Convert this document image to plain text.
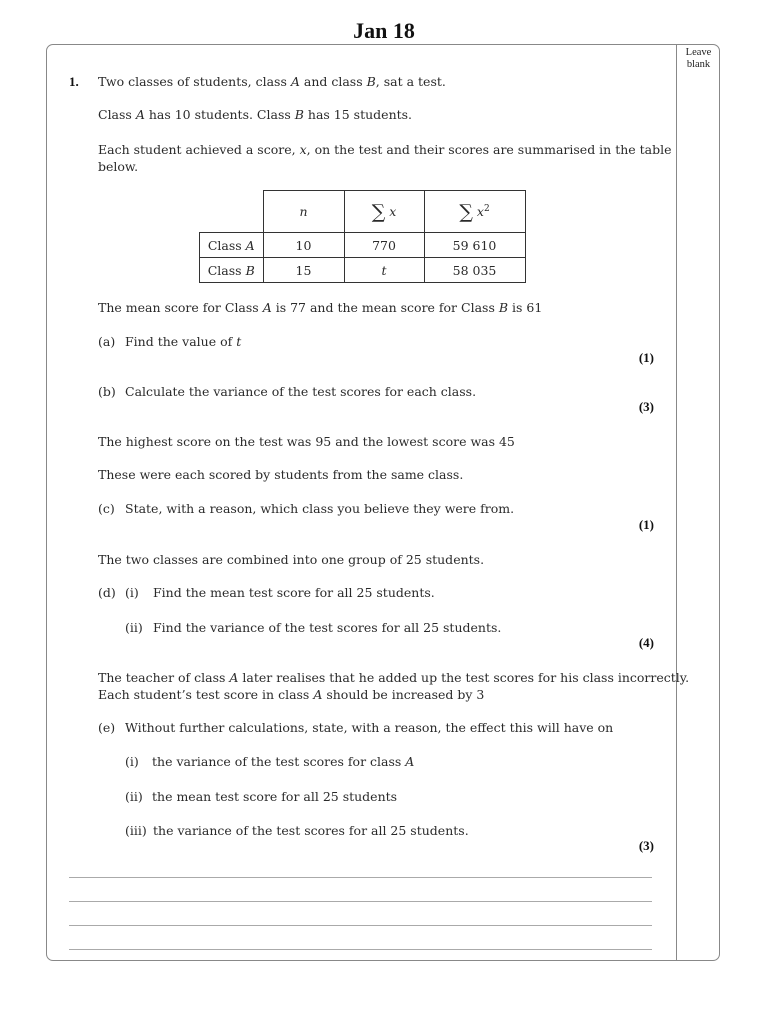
Jan 18
Leave
blank
1. Two classes of students, class A and class B, sat a test.
Class A has 10 students. Class B has 15 students.
Each student achieved a score, x, on the test and their scores are summarised in the table
below.
	n	∑ x	∑ $x^2$
Class A	10	770	59 610
Class B	15	t	58 035
The mean score for Class A is 77 and the mean score for Class B is 61
(a) Find the value of t
(1)
(b) Calculate the variance of the test scores for each class.
(3)
The highest score on the test was 95 and the lowest score was 45
These were each scored by students from the same class.
(c) State, with a reason, which class you believe they were from.
(1)
The two classes are combined into one group of 25 students.
(d) (i) Find the mean test score for all 25 students.
(ii) Find the variance of the test scores for all 25 students.
(4)
The teacher of class A later realises that he added up the test scores for his class incorrectly.
Each student’s test score in class A should be increased by 3
(e) Without further calculations, state, with a reason, the effect this will have on
(i) the variance of the test scores for class A
(ii) the mean test score for all 25 students
(iii) the variance of the test scores for all 25 students.
(3)
